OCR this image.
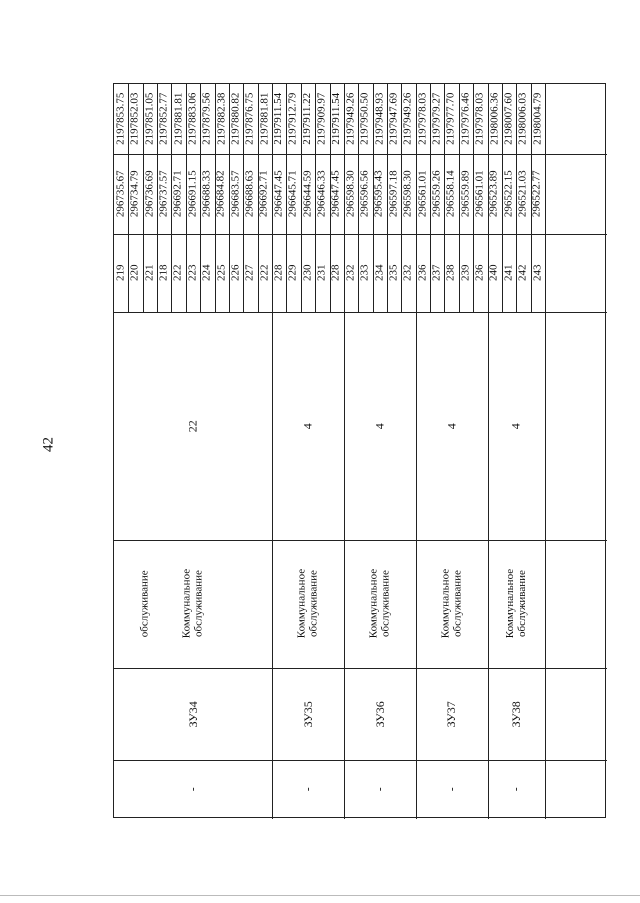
42
обслуживание
219
296735.67
2197853.75
220
296734.79
2197852.03
221
296736.69
2197851.05
218
296737.57
2197852.77
222
296692.71
2197881.81
223
296691.15
2197883.06
224
296688.33
2197879.56
225
296684.82
2197882.38
226
296683.57
2197880.82
227
296688.63
2197876.75
222
296692.71
2197881.81
22
Коммунальное обслуживание
ЗУ34
-
228
296647.45
2197911.54
229
296645.71
2197912.79
230
296644.59
2197911.22
231
296646.33
2197909.97
228
296647.45
2197911.54
4
Коммунальное обслуживание
ЗУ35
-
232
296598.30
2197949.26
233
296596.56
2197950.50
234
296595.43
2197948.93
235
296597.18
2197947.69
232
296598.30
2197949.26
4
Коммунальное обслуживание
ЗУ36
-
236
296561.01
2197978.03
237
296559.26
2197979.27
238
296558.14
2197977.70
239
296559.89
2197976.46
236
296561.01
2197978.03
4
Коммунальное обслуживание
ЗУ37
-
240
296523.89
2198006.36
241
296522.15
2198007.60
242
296521.03
2198006.03
243
296522.77
2198004.79
4
Коммунальное обслуживание
ЗУ38
-
